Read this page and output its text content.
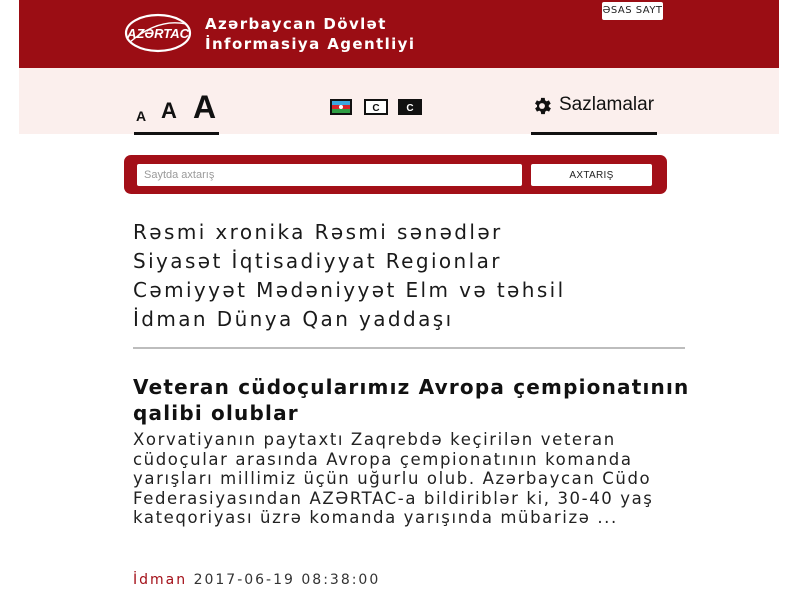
AZƏRTAC
Azərbaycan Dövlət
İnformasiya Agentliyi
ƏSAS SAYT
A A A	Sazlamalar
C	C
Saytda axtarış
AXTARIŞ
Rəsmi xronika Rəsmi sənədlər
Siyasət İqtisadiyyat Regionlar
Cəmiyyət Mədəniyyət Elm və təhsil
İdman Dünya Qan yaddaşı
Veteran cüdoçularımız Avropa çempionatının qalibi olublar

Xorvatiyanın paytaxtı Zaqrebdə keçirilən veteran cüdoçular arasında Avropa çempionatının komanda yarışları millimiz üçün uğurlu olub. Azərbaycan Cüdo Federasiyasından AZƏRTAC-a bildiriblər ki, 30-40 yaş kateqoriyası üzrə komanda yarışında mübarizə ...

İdman 2017-06-19 08:38:00
